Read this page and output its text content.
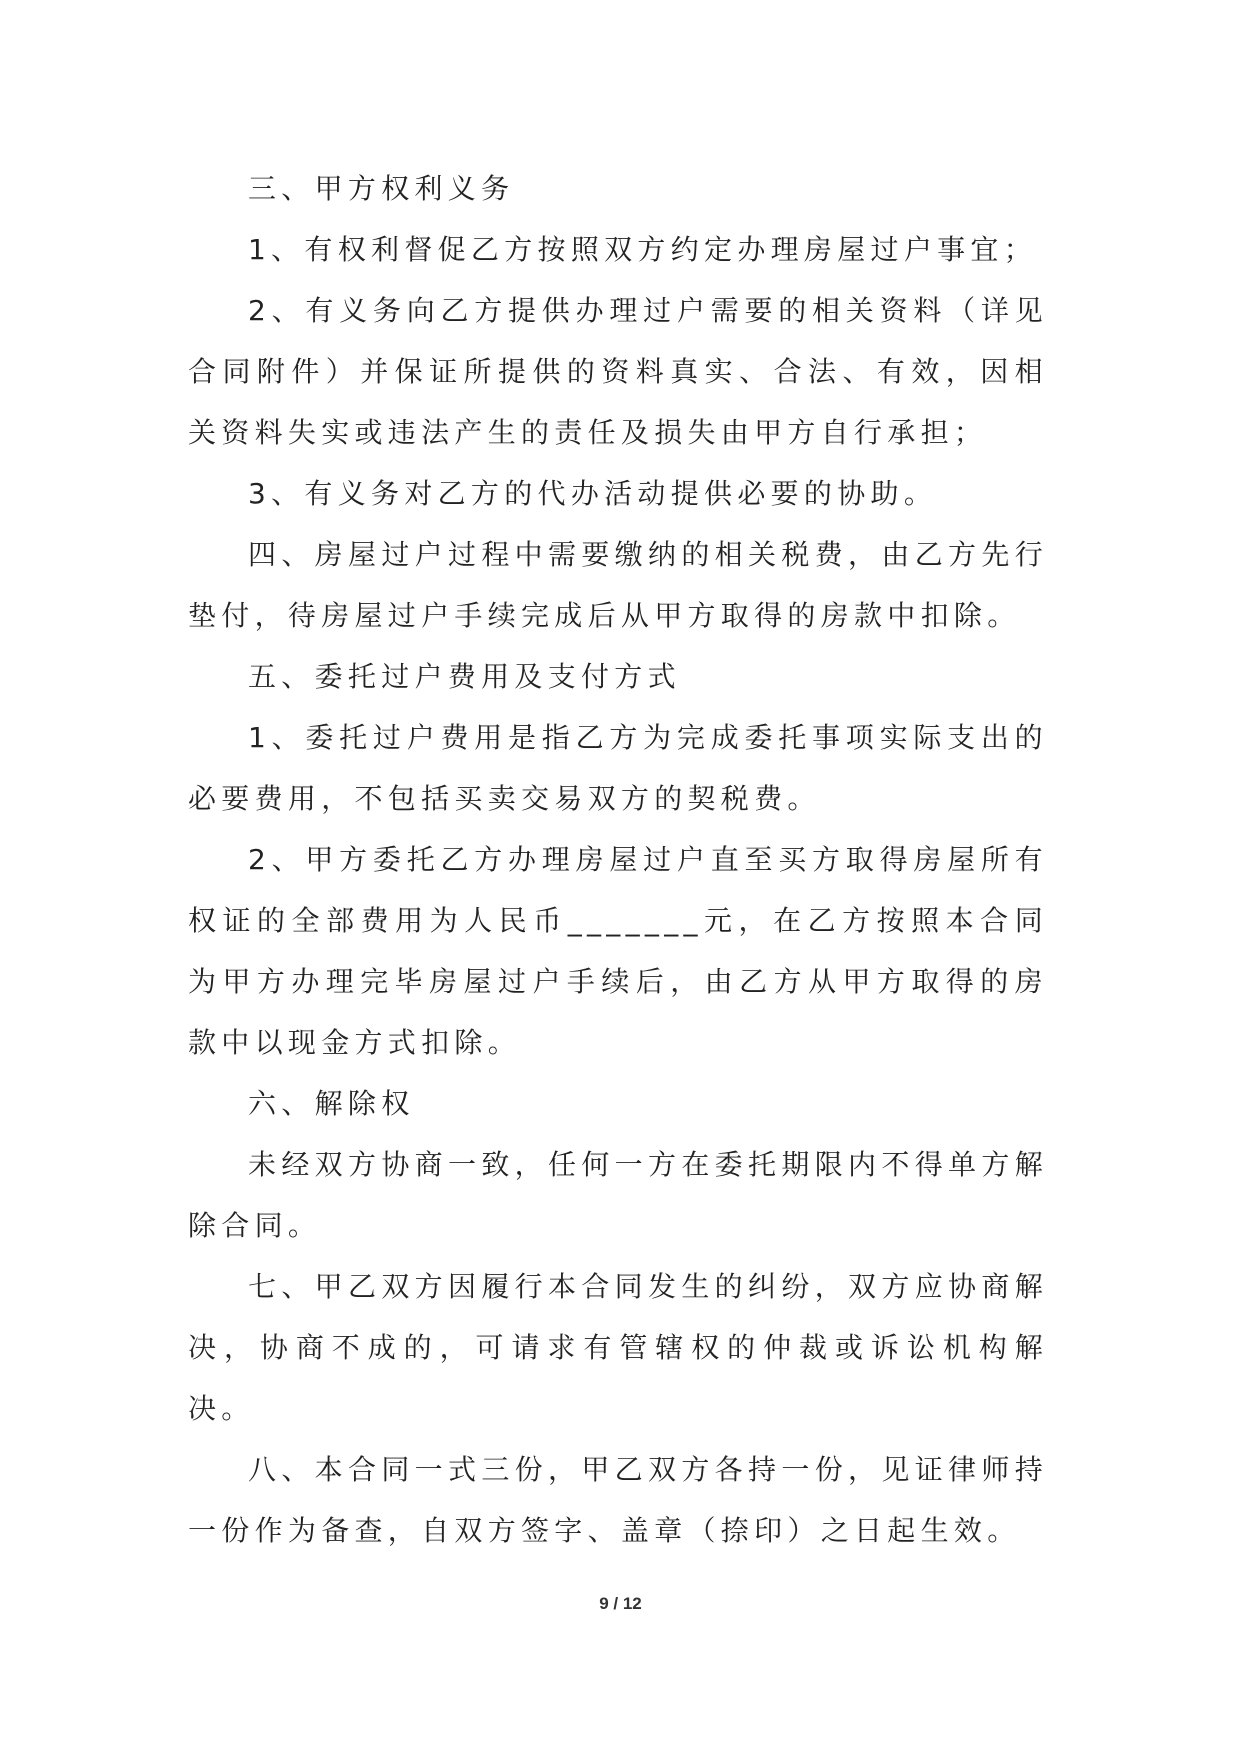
三、甲方权利义务

1、有权利督促乙方按照双方约定办理房屋过户事宜；

2、有义务向乙方提供办理过户需要的相关资料（详见合同附件）并保证所提供的资料真实、合法、有效，因相关资料失实或违法产生的责任及损失由甲方自行承担；

3、有义务对乙方的代办活动提供必要的协助。

四、房屋过户过程中需要缴纳的相关税费，由乙方先行垫付，待房屋过户手续完成后从甲方取得的房款中扣除。

五、委托过户费用及支付方式

1、委托过户费用是指乙方为完成委托事项实际支出的必要费用，不包括买卖交易双方的契税费。

2、甲方委托乙方办理房屋过户直至买方取得房屋所有权证的全部费用为人民币_______元，在乙方按照本合同为甲方办理完毕房屋过户手续后，由乙方从甲方取得的房款中以现金方式扣除。

六、解除权

未经双方协商一致，任何一方在委托期限内不得单方解除合同。

七、甲乙双方因履行本合同发生的纠纷，双方应协商解决，协商不成的，可请求有管辖权的仲裁或诉讼机构解决。

八、本合同一式三份，甲乙双方各持一份，见证律师持一份作为备查，自双方签字、盖章（捺印）之日起生效。

9 / 12
